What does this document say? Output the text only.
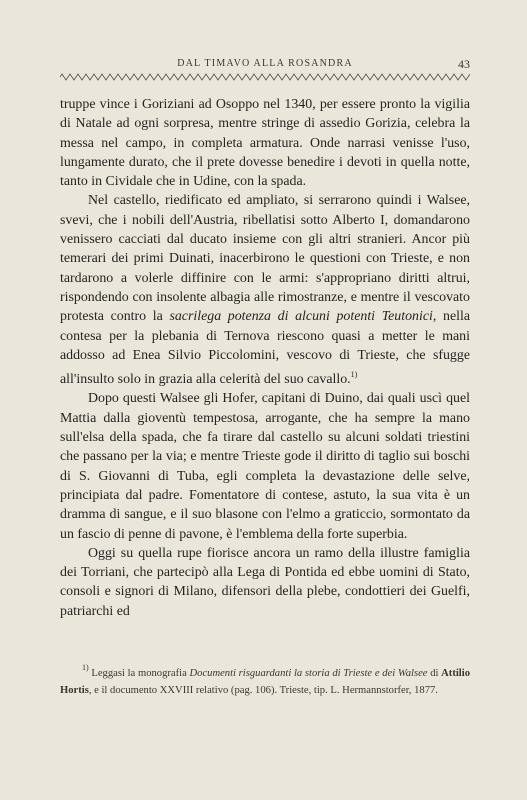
DAL TIMAVO ALLA ROSANDRA	43

truppe vince i Goriziani ad Osoppo nel 1340, per essere pronto la vigilia di Natale ad ogni sorpresa, mentre stringe di assedio Gorizia, celebra la messa nel campo, in completa armatura. Onde narrasi venisse l'uso, lungamente durato, che il prete dovesse benedire i devoti in quella notte, tanto in Cividale che in Udine, con la spada.

Nel castello, riedificato ed ampliato, si serrarono quindi i Walsee, svevi, che i nobili dell'Austria, ribellatisi sotto Alberto I, domandarono venissero cacciati dal ducato insieme con gli altri stranieri. Ancor più temerari dei primi Duinati, inacerbirono le questioni con Trieste, e non tardarono a volerle diffinire con le armi: s'appropriano diritti altrui, rispondendo con insolente albagia alle rimostranze, e mentre il vescovato protesta contro la sacrilega potenza di alcuni potenti Teutonici, nella contesa per la plebania di Ternova riescono quasi a metter le mani addosso ad Enea Silvio Piccolomini, vescovo di Trieste, che sfugge all'insulto solo in grazia alla celerità del suo cavallo.$^{1)}$

Dopo questi Walsee gli Hofer, capitani di Duino, dai quali uscì quel Mattia dalla gioventù tempestosa, arrogante, che ha sempre la mano sull'elsa della spada, che fa tirare dal castello su alcuni soldati triestini che passano per la via; e mentre Trieste gode il diritto di taglio sui boschi di S. Giovanni di Tuba, egli completa la devastazione delle selve, principiata dal padre. Fomentatore di contese, astuto, la sua vita è un dramma di sangue, e il suo blasone con l'elmo a graticcio, sormontato da un fascio di penne di pavone, è l'emblema della forte superbia.

Oggi su quella rupe fiorisce ancora un ramo della illustre famiglia dei Torriani, che partecipò alla Lega di Pontida ed ebbe uomini di Stato, consoli e signori di Milano, difensori della plebe, condottieri dei Guelfi, patriarchi ed

$^{1)}$ Leggasi la monografia Documenti risguardanti la storia di Trieste e dei Walsee di Attilio Hortis, e il documento XXVIII relativo (pag. 106). Trieste, tip. L. Hermannstorfer, 1877.
